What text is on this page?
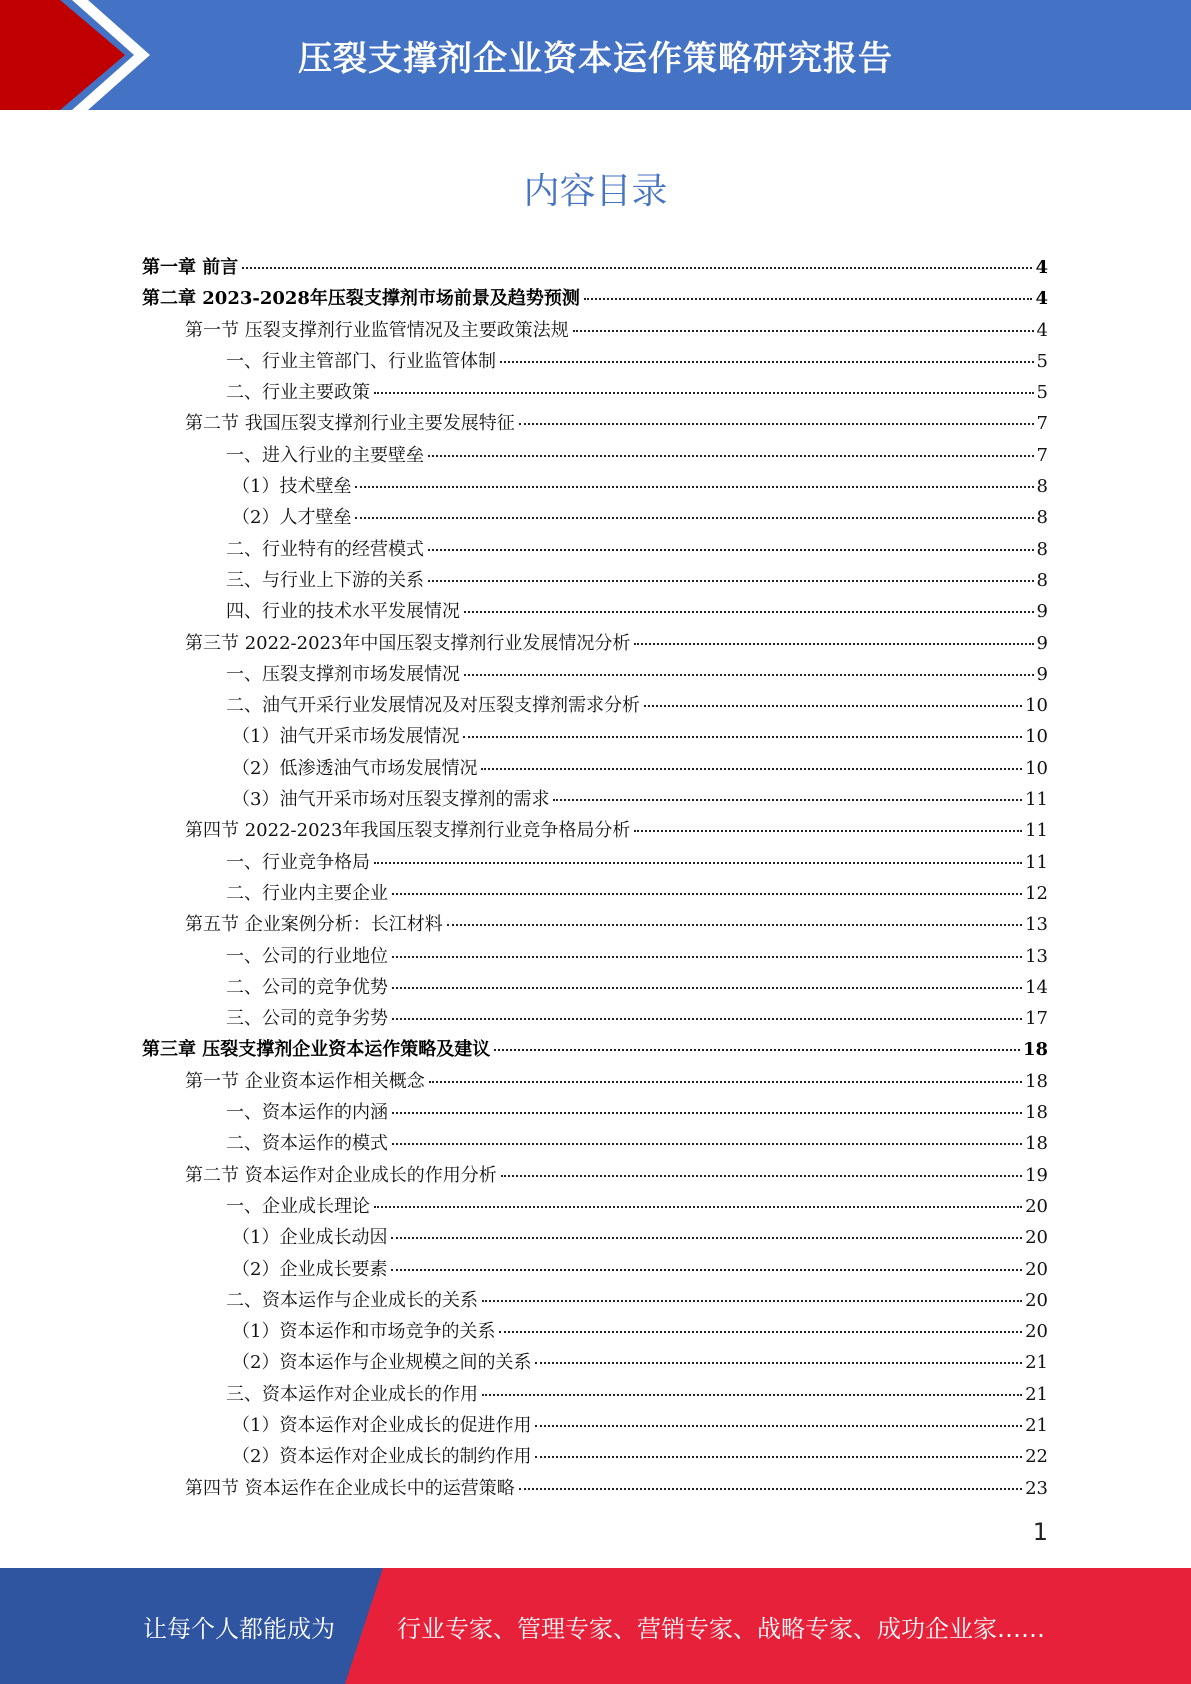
压裂支撑剂企业资本运作策略研究报告
内容目录
第一章 前言	4
第二章 2023-2028年压裂支撑剂市场前景及趋势预测	4
第一节 压裂支撑剂行业监管情况及主要政策法规	4
一、行业主管部门、行业监管体制	5
二、行业主要政策	5
第二节 我国压裂支撑剂行业主要发展特征	7
一、进入行业的主要壁垒	7
（1）技术壁垒	8
（2）人才壁垒	8
二、行业特有的经营模式	8
三、与行业上下游的关系	8
四、行业的技术水平发展情况	9
第三节 2022-2023年中国压裂支撑剂行业发展情况分析	9
一、压裂支撑剂市场发展情况	9
二、油气开采行业发展情况及对压裂支撑剂需求分析	10
（1）油气开采市场发展情况	10
（2）低渗透油气市场发展情况	10
（3）油气开采市场对压裂支撑剂的需求	11
第四节 2022-2023年我国压裂支撑剂行业竞争格局分析	11
一、行业竞争格局	11
二、行业内主要企业	12
第五节 企业案例分析：长江材料	13
一、公司的行业地位	13
二、公司的竞争优势	14
三、公司的竞争劣势	17
第三章 压裂支撑剂企业资本运作策略及建议	18
第一节 企业资本运作相关概念	18
一、资本运作的内涵	18
二、资本运作的模式	18
第二节 资本运作对企业成长的作用分析	19
一、企业成长理论	20
（1）企业成长动因	20
（2）企业成长要素	20
二、资本运作与企业成长的关系	20
（1）资本运作和市场竞争的关系	20
（2）资本运作与企业规模之间的关系	21
三、资本运作对企业成长的作用	21
（1）资本运作对企业成长的促进作用	21
（2）资本运作对企业成长的制约作用	22
第四节 资本运作在企业成长中的运营策略	23
1
让每个人都能成为	行业专家、管理专家、营销专家、战略专家、成功企业家……
